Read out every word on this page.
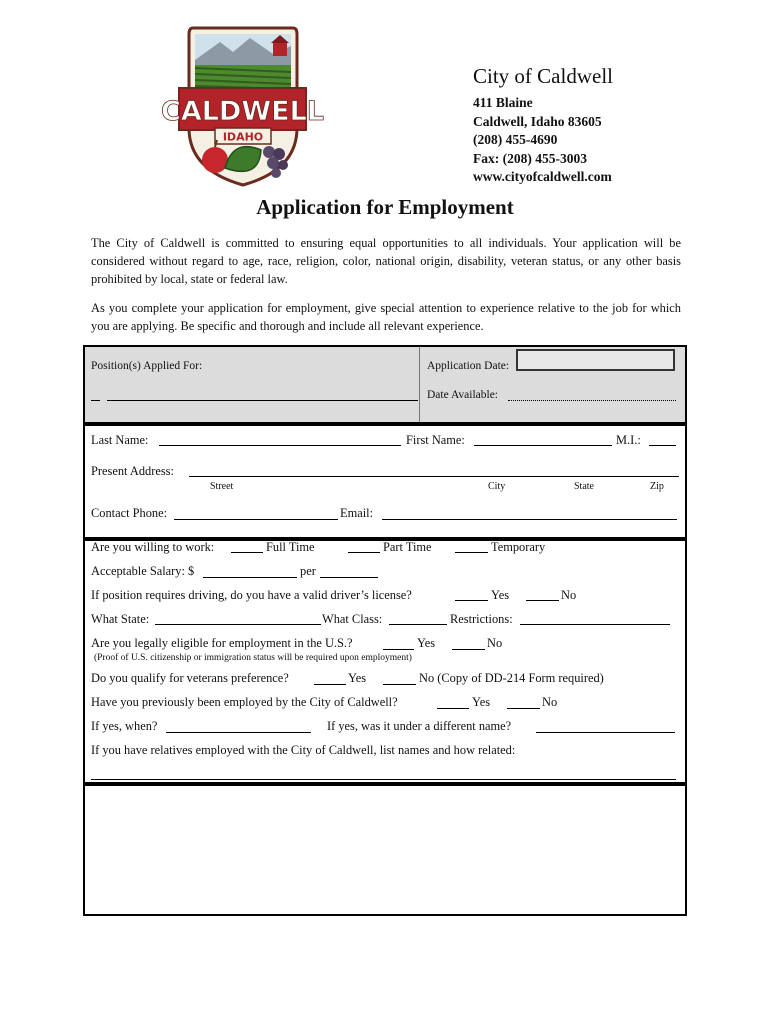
CALDWELL
IDAHO
City of Caldwell
411 Blaine
Caldwell, Idaho 83605
(208) 455-4690
Fax: (208) 455-3003
www.cityofcaldwell.com
Application for Employment
The City of Caldwell is committed to ensuring equal opportunities to all individuals. Your application will be considered without regard to age, race, religion, color, national origin, disability, veteran status, or any other basis prohibited by local, state or federal law.
As you complete your application for employment, give special attention to experience relative to the job for which you are applying. Be specific and thorough and include all relevant experience.
Position(s) Applied For:	Application Date:
Date Available:
Last Name:	First Name:	M.I.:
Present Address:
Street	City	State	Zip
Contact Phone:	Email:
Are you willing to work:	Full Time	Part Time	Temporary
Acceptable Salary: $	per
If position requires driving, do you have a valid driver’s license?	Yes	No
What State:	What Class:	Restrictions:
Are you legally eligible for employment in the U.S.?	Yes	No
(Proof of U.S. citizenship or immigration status will be required upon employment)
Do you qualify for veterans preference?	Yes	No (Copy of DD-214 Form required)
Have you previously been employed by the City of Caldwell?	Yes	No
If yes, when?	If yes, was it under a different name?
If you have relatives employed with the City of Caldwell, list names and how related:
